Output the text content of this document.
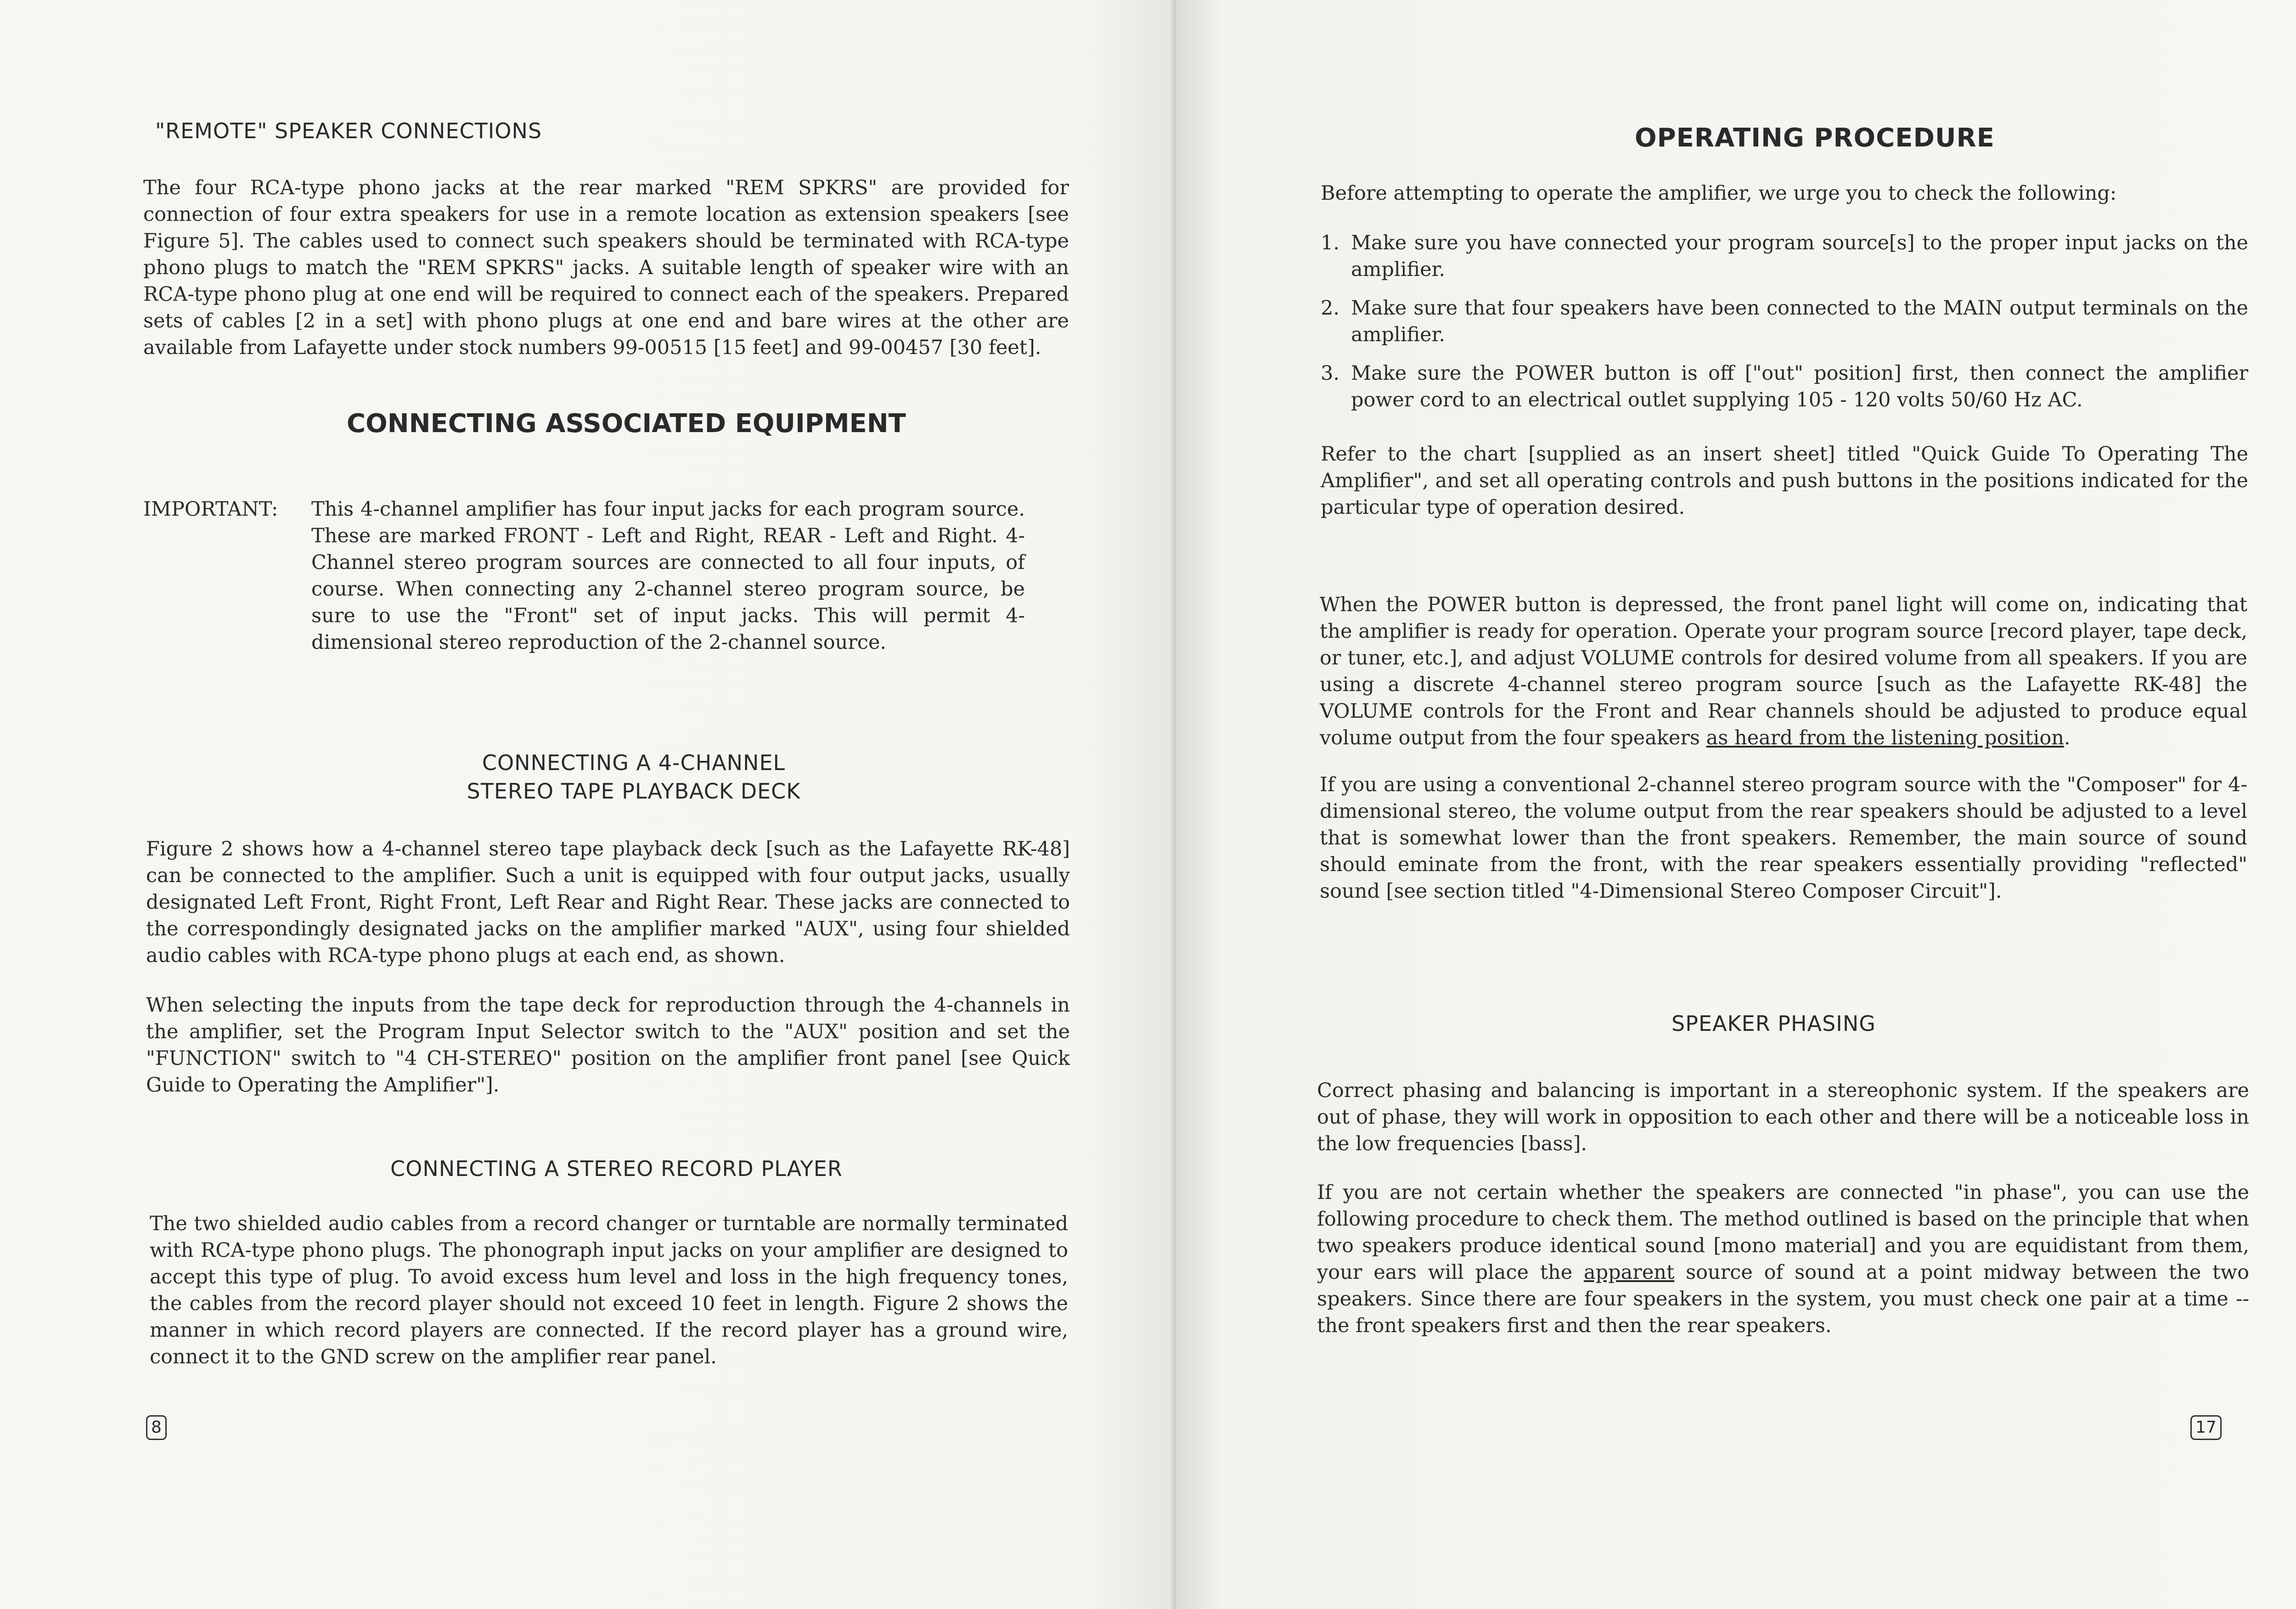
"REMOTE" SPEAKER CONNECTIONS

The four RCA-type phono jacks at the rear marked "REM SPKRS" are provided for connection of four extra speakers for use in a remote location as extension speakers [see Figure 5]. The cables used to connect such speakers should be terminated with RCA-type phono plugs to match the "REM SPKRS" jacks. A suitable length of speaker wire with an RCA-type phono plug at one end will be required to connect each of the speakers. Prepared sets of cables [2 in a set] with phono plugs at one end and bare wires at the other are available from Lafayette under stock numbers 99-00515 [15 feet] and 99-00457 [30 feet].

CONNECTING ASSOCIATED EQUIPMENT
IMPORTANT:	This 4-channel amplifier has four input jacks for each program source. These are marked FRONT - Left and Right, REAR - Left and Right. 4-Channel stereo program sources are connected to all four inputs, of course. When connecting any 2-channel stereo program source, be sure to use the "Front" set of input jacks. This will permit 4-dimensional stereo reproduction of the 2-channel source.

CONNECTING A 4-CHANNEL
STEREO TAPE PLAYBACK DECK

Figure 2 shows how a 4-channel stereo tape playback deck [such as the Lafayette RK-48] can be connected to the amplifier. Such a unit is equipped with four output jacks, usually designated Left Front, Right Front, Left Rear and Right Rear. These jacks are connected to the correspondingly designated jacks on the amplifier marked "AUX", using four shielded audio cables with RCA-type phono plugs at each end, as shown.

When selecting the inputs from the tape deck for reproduction through the 4-channels in the amplifier, set the Program Input Selector switch to the "AUX" position and set the "FUNCTION" switch to "4 CH-STEREO" position on the amplifier front panel [see Quick Guide to Operating the Amplifier"].

CONNECTING A STEREO RECORD PLAYER

The two shielded audio cables from a record changer or turntable are normally terminated with RCA-type phono plugs. The phonograph input jacks on your amplifier are designed to accept this type of plug. To avoid excess hum level and loss in the high frequency tones, the cables from the record player should not exceed 10 feet in length. Figure 2 shows the manner in which record players are connected. If the record player has a ground wire, connect it to the GND screw on the amplifier rear panel.

8
OPERATING PROCEDURE

Before attempting to operate the amplifier, we urge you to check the following:

1. Make sure you have connected your program source[s] to the proper input jacks on the amplifier.

2. Make sure that four speakers have been connected to the MAIN output terminals on the amplifier.

3. Make sure the POWER button is off ["out" position] first, then connect the amplifier power cord to an electrical outlet supplying 105 - 120 volts 50/60 Hz AC.

Refer to the chart [supplied as an insert sheet] titled "Quick Guide To Operating The Amplifier", and set all operating controls and push buttons in the positions indicated for the particular type of operation desired.

When the POWER button is depressed, the front panel light will come on, indicating that the amplifier is ready for operation. Operate your program source [record player, tape deck, or tuner, etc.], and adjust VOLUME controls for desired volume from all speakers. If you are using a discrete 4-channel stereo program source [such as the Lafayette RK-48] the VOLUME controls for the Front and Rear channels should be adjusted to produce equal volume output from the four speakers as heard from the listening position.

If you are using a conventional 2-channel stereo program source with the "Composer" for 4-dimensional stereo, the volume output from the rear speakers should be adjusted to a level that is somewhat lower than the front speakers. Remember, the main source of sound should eminate from the front, with the rear speakers essentially providing "reflected" sound [see section titled "4-Dimensional Stereo Composer Circuit"].

SPEAKER PHASING

Correct phasing and balancing is important in a stereophonic system. If the speakers are out of phase, they will work in opposition to each other and there will be a noticeable loss in the low frequencies [bass].

If you are not certain whether the speakers are connected "in phase", you can use the following procedure to check them. The method outlined is based on the principle that when two speakers produce identical sound [mono material] and you are equidistant from them, your ears will place the apparent source of sound at a point midway between the two speakers. Since there are four speakers in the system, you must check one pair at a time -- the front speakers first and then the rear speakers.

17
